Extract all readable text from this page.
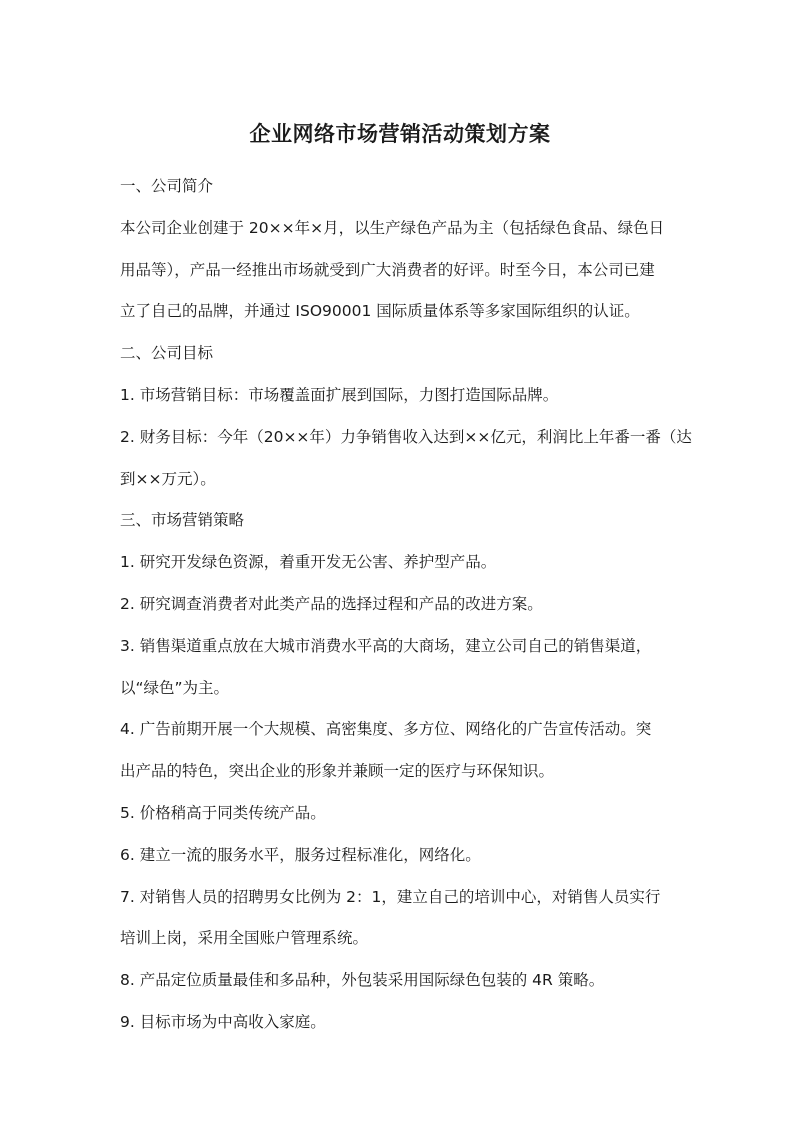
企业网络市场营销活动策划方案
一、公司简介
本公司企业创建于 20××年×月，以生产绿色产品为主（包括绿色食品、绿色日
用品等），产品一经推出市场就受到广大消费者的好评。时至今日，本公司已建
立了自己的品牌，并通过 ISO90001 国际质量体系等多家国际组织的认证。
二、公司目标
1. 市场营销目标：市场覆盖面扩展到国际，力图打造国际品牌。
2. 财务目标：今年（20××年）力争销售收入达到××亿元，利润比上年番一番（达
到××万元）。
三、市场营销策略
1. 研究开发绿色资源，着重开发无公害、养护型产品。
2. 研究调查消费者对此类产品的选择过程和产品的改进方案。
3. 销售渠道重点放在大城市消费水平高的大商场，建立公司自己的销售渠道，
以“绿色”为主。
4. 广告前期开展一个大规模、高密集度、多方位、网络化的广告宣传活动。突
出产品的特色，突出企业的形象并兼顾一定的医疗与环保知识。
5. 价格稍高于同类传统产品。
6. 建立一流的服务水平，服务过程标准化，网络化。
7. 对销售人员的招聘男女比例为 2：1，建立自己的培训中心，对销售人员实行
培训上岗，采用全国账户管理系统。
8. 产品定位质量最佳和多品种，外包装采用国际绿色包装的 4R 策略。
9. 目标市场为中高收入家庭。
